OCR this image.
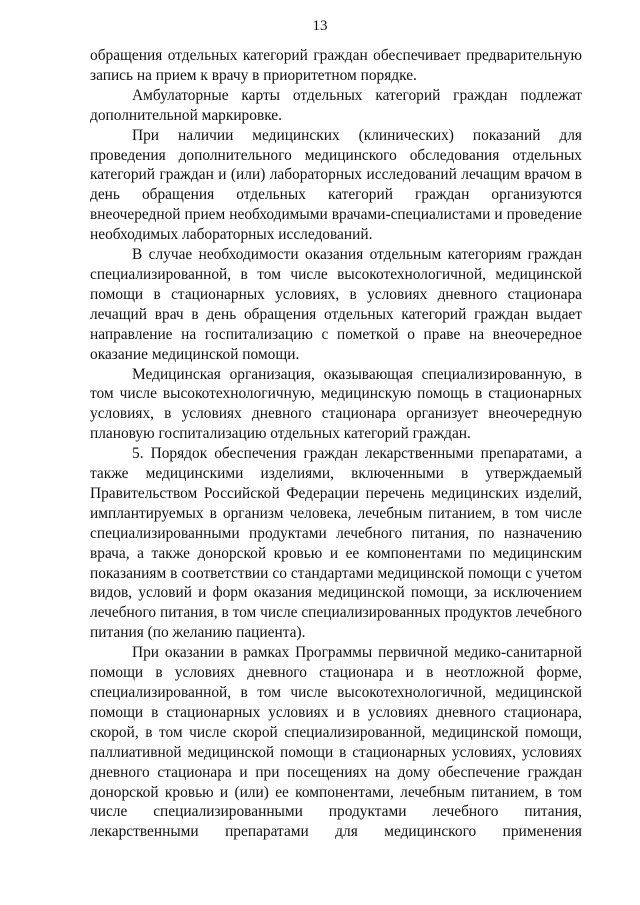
13

обращения отдельных категорий граждан обеспечивает предварительную запись на прием к врачу в приоритетном порядке.

Амбулаторные карты отдельных категорий граждан подлежат дополнительной маркировке.

При наличии медицинских (клинических) показаний для проведения дополнительного медицинского обследования отдельных категорий граждан и (или) лабораторных исследований лечащим врачом в день обращения отдельных категорий граждан организуются внеочередной прием необходимыми врачами-специалистами и проведение необходимых лабораторных исследований.

В случае необходимости оказания отдельным категориям граждан специализированной, в том числе высокотехнологичной, медицинской помощи в стационарных условиях, в условиях дневного стационара лечащий врач в день обращения отдельных категорий граждан выдает направление на госпитализацию с пометкой о праве на внеочередное оказание медицинской помощи.

Медицинская организация, оказывающая специализированную, в том числе высокотехнологичную, медицинскую помощь в стационарных условиях, в условиях дневного стационара организует внеочередную плановую госпитализацию отдельных категорий граждан.

5. Порядок обеспечения граждан лекарственными препаратами, а также медицинскими изделиями, включенными в утверждаемый Правительством Российской Федерации перечень медицинских изделий, имплантируемых в организм человека, лечебным питанием, в том числе специализированными продуктами лечебного питания, по назначению врача, а также донорской кровью и ее компонентами по медицинским показаниям в соответствии со стандартами медицинской помощи с учетом видов, условий и форм оказания медицинской помощи, за исключением лечебного питания, в том числе специализированных продуктов лечебного питания (по желанию пациента).

При оказании в рамках Программы первичной медико-санитарной помощи в условиях дневного стационара и в неотложной форме, специализированной, в том числе высокотехнологичной, медицинской помощи в стационарных условиях и в условиях дневного стационара, скорой, в том числе скорой специализированной, медицинской помощи, паллиативной медицинской помощи в стационарных условиях, условиях дневного стационара и при посещениях на дому обеспечение граждан донорской кровью и (или) ее компонентами, лечебным питанием, в том числе специализированными продуктами лечебного питания, лекарственными препаратами для медицинского применения
